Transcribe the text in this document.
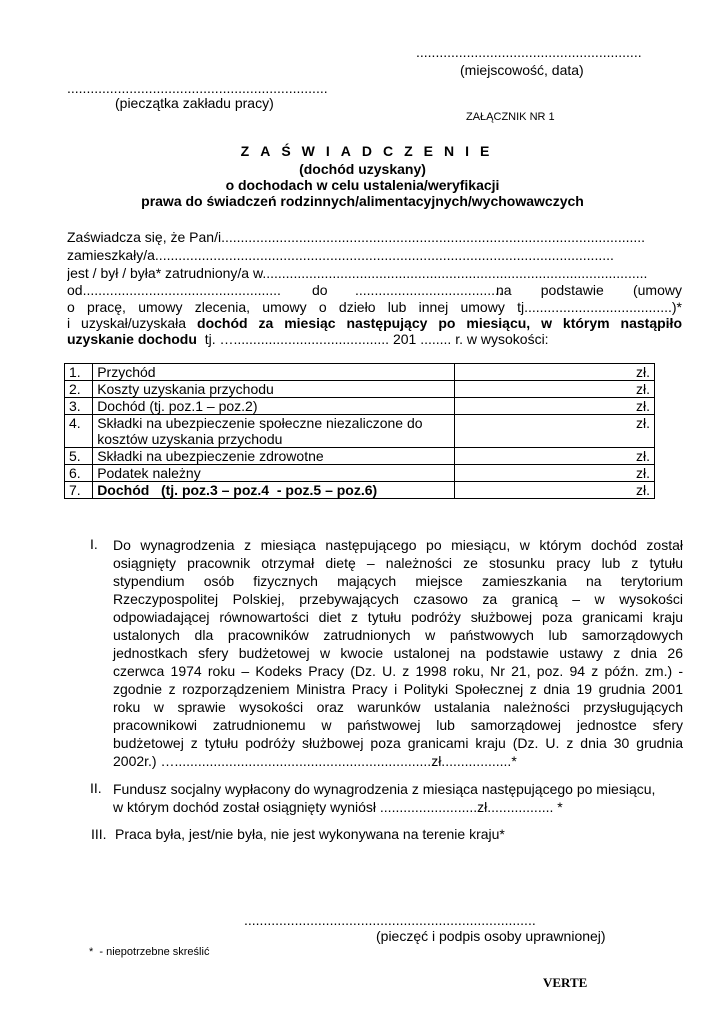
..........................................................
(miejscowość, data)
...................................................................
(pieczątka zakładu pracy)
ZAŁĄCZNIK NR 1
ZAŚWIADCZENIE
(dochód uzyskany)
o dochodach w celu ustalenia/weryfikacji
prawa do świadczeń rodzinnych/alimentacyjnych/wychowawczych
Zaświadcza się, że Pan/i.............................................................................................................
zamieszkały/a......................................................................................................................
jest / był / była* zatrudniony/a w...................................................................................................
od................................................... do ......................................
na podstawie (umowy
o pracę, umowy zlecenia, umowy o dzieło lub innej umowy tj......................................)*
i uzyskał/uzyskała dochód za miesiąc następujący po miesiącu, w którym nastąpiło
uzyskanie dochodu tj. …........................................ 201 ........ r. w wysokości:
1.	Przychód	zł.
2.	Koszty uzyskania przychodu	zł.
3.	Dochód (tj. poz.1 – poz.2)	zł.
4.	Składki na ubezpieczenie społeczne niezaliczone do
kosztów uzyskania przychodu	zł.
5.	Składki na ubezpieczenie zdrowotne	zł.
6.	Podatek należny	zł.
7.	Dochód   (tj. poz.3 – poz.4  - poz.5 – poz.6)	zł.
I. Do wynagrodzenia z miesiąca następującego po miesiącu, w którym dochód został

osiągnięty pracownik otrzymał dietę – należności ze stosunku pracy lub z tytułu

stypendium osób fizycznych mających miejsce zamieszkania na terytorium

Rzeczypospolitej Polskiej, przebywających czasowo za granicą – w wysokości

odpowiadającej równowartości diet z tytułu podróży służbowej poza granicami kraju

ustalonych dla pracowników zatrudnionych w państwowych lub samorządowych

jednostkach sfery budżetowej w kwocie ustalonej na podstawie ustawy z dnia 26

czerwca 1974 roku – Kodeks Pracy (Dz. U. z 1998 roku, Nr 21, poz. 94 z późn. zm.) -

zgodnie z rozporządzeniem Ministra Pracy i Polityki Społecznej z dnia 19 grudnia 2001

roku w sprawie wysokości oraz warunków ustalania należności przysługujących

pracownikowi zatrudnionemu w państwowej lub samorządowej jednostce sfery

budżetowej z tytułu podróży służbowej poza granicami kraju (Dz. U. z dnia 30 grudnia

2002r.) …..................................................................zł..................*

II. Fundusz socjalny wypłacony do wynagrodzenia z miesiąca następującego po miesiącu,

w którym dochód został osiągnięty wyniósł .........................zł................. *

III. Praca była, jest/nie była, nie jest wykonywana na terenie kraju*
...........................................................................
(pieczęć i podpis osoby uprawnionej)
*  - niepotrzebne skreślić
VERTE
